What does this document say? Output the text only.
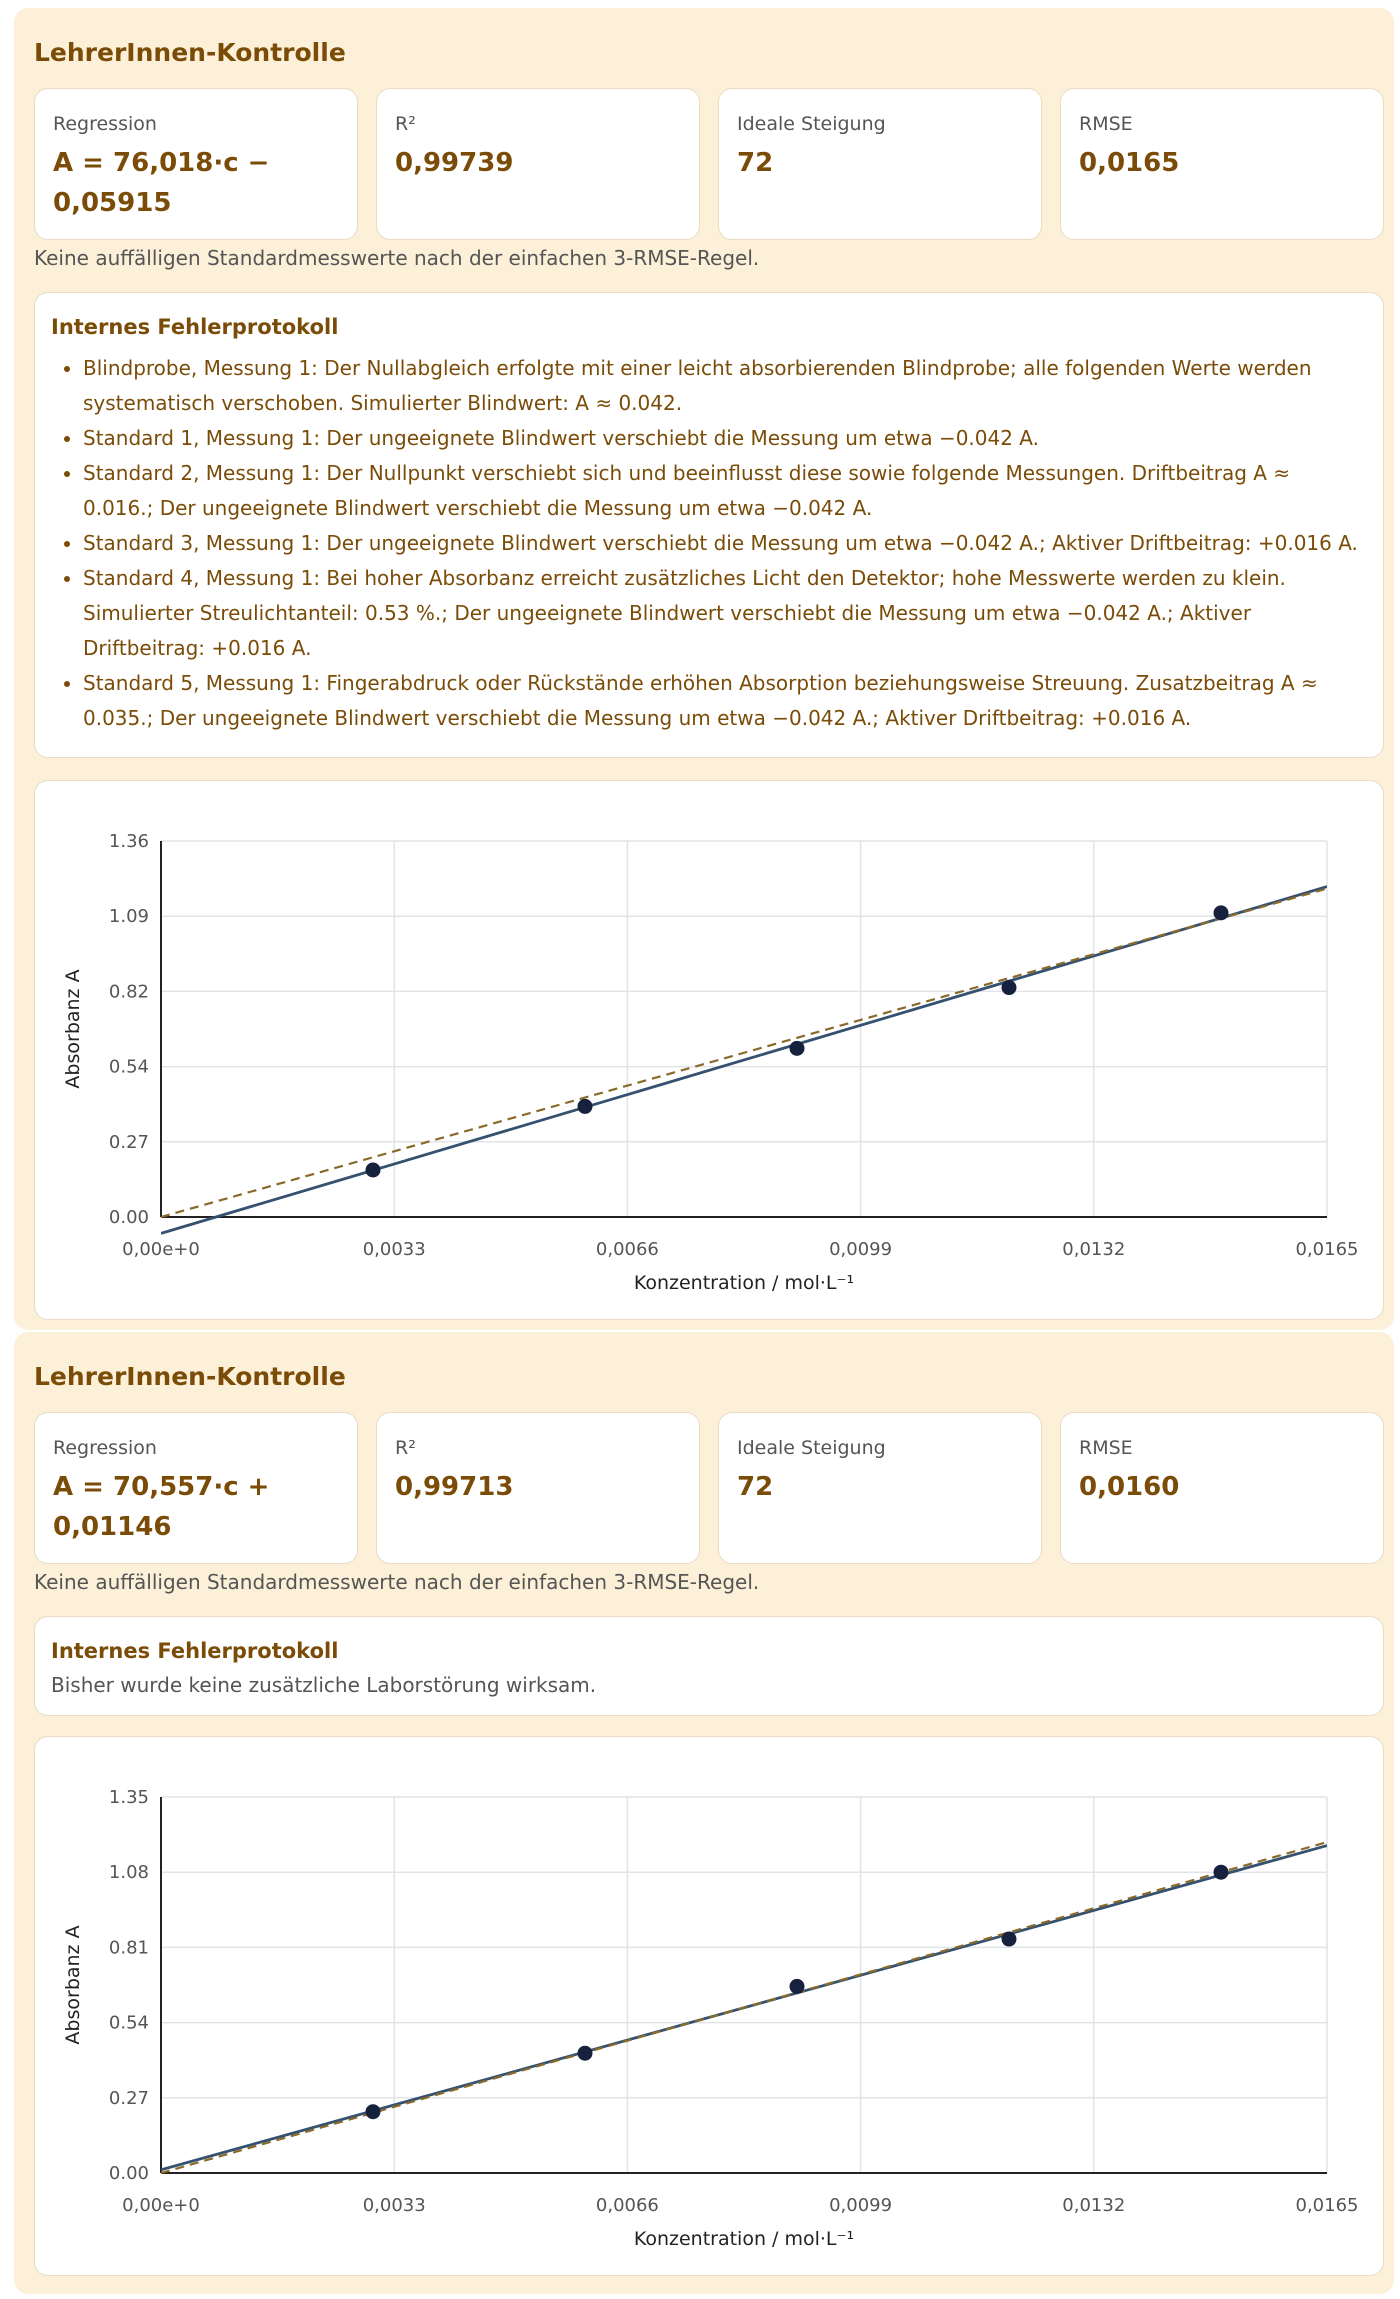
LehrerInnen-Kontrolle
Regression
A = 76,018·c −
0,05915
R²
0,99739
Ideale Steigung
72
RMSE
0,0165
Keine auffälligen Standardmesswerte nach der einfachen 3-RMSE-Regel.
Internes Fehlerprotokoll
• Blindprobe, Messung 1: Der Nullabgleich erfolgte mit einer leicht absorbierenden Blindprobe; alle folgenden Werte werden systematisch verschoben. Simulierter Blindwert: A ≈ 0.042.
• Standard 1, Messung 1: Der ungeeignete Blindwert verschiebt die Messung um etwa −0.042 A.
• Standard 2, Messung 1: Der Nullpunkt verschiebt sich und beeinflusst diese sowie folgende Messungen. Driftbeitrag A ≈ 0.016.; Der ungeeignete Blindwert verschiebt die Messung um etwa −0.042 A.
• Standard 3, Messung 1: Der ungeeignete Blindwert verschiebt die Messung um etwa −0.042 A.; Aktiver Driftbeitrag: +0.016 A.
• Standard 4, Messung 1: Bei hoher Absorbanz erreicht zusätzliches Licht den Detektor; hohe Messwerte werden zu klein. Simulierter Streulichtanteil: 0.53 %.; Der ungeeignete Blindwert verschiebt die Messung um etwa −0.042 A.; Aktiver Driftbeitrag: +0.016 A.
• Standard 5, Messung 1: Fingerabdruck oder Rückstände erhöhen Absorption beziehungsweise Streuung. Zusatzbeitrag A ≈ 0.035.; Der ungeeignete Blindwert verschiebt die Messung um etwa −0.042 A.; Aktiver Driftbeitrag: +0.016 A.
0,00e+0	0,0033	0,0066	0,0099	0,0132	0,0165
0.00
0.27
0.54
0.82
1.09
1.36
Konzentration / mol·L⁻¹
Absorbanz A
LehrerInnen-Kontrolle
Regression
A = 70,557·c +
0,01146
R²
0,99713
Ideale Steigung
72
RMSE
0,0160
Keine auffälligen Standardmesswerte nach der einfachen 3-RMSE-Regel.
Internes Fehlerprotokoll
Bisher wurde keine zusätzliche Laborstörung wirksam.
0,00e+0	0,0033	0,0066	0,0099	0,0132	0,0165
0.00
0.27
0.54
0.81
1.08
1.35
Konzentration / mol·L⁻¹
Absorbanz A
